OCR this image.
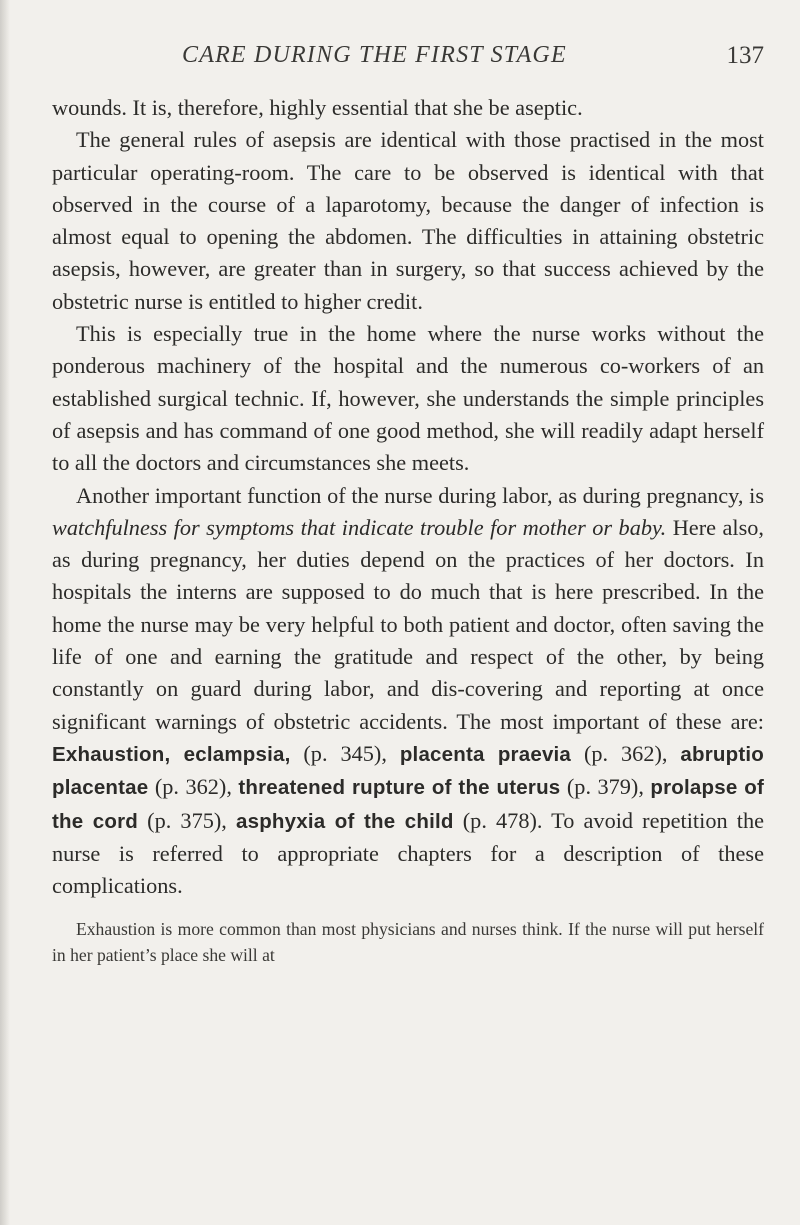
CARE DURING THE FIRST STAGE	137

wounds. It is, therefore, highly essential that she be aseptic.

The general rules of asepsis are identical with those practised in the most particular operating-room. The care to be observed is identical with that observed in the course of a laparotomy, because the danger of infection is almost equal to opening the abdomen. The difficulties in attaining obstetric asepsis, however, are greater than in surgery, so that success achieved by the obstetric nurse is entitled to higher credit.

This is especially true in the home where the nurse works without the ponderous machinery of the hospital and the numerous co-workers of an established surgical technic. If, however, she understands the simple principles of asepsis and has command of one good method, she will readily adapt herself to all the doctors and circumstances she meets.

Another important function of the nurse during labor, as during pregnancy, is watchfulness for symptoms that indicate trouble for mother or baby. Here also, as during pregnancy, her duties depend on the practices of her doctors. In hospitals the interns are supposed to do much that is here prescribed. In the home the nurse may be very helpful to both patient and doctor, often saving the life of one and earning the gratitude and respect of the other, by being constantly on guard during labor, and dis-covering and reporting at once significant warnings of obstetric accidents. The most important of these are: Exhaustion, eclampsia, (p. 345), placenta praevia (p. 362), abruptio placentae (p. 362), threatened rupture of the uterus (p. 379), prolapse of the cord (p. 375), asphyxia of the child (p. 478). To avoid repetition the nurse is referred to appropriate chapters for a description of these complications.

Exhaustion is more common than most physicians and nurses think. If the nurse will put herself in her patient’s place she will at
